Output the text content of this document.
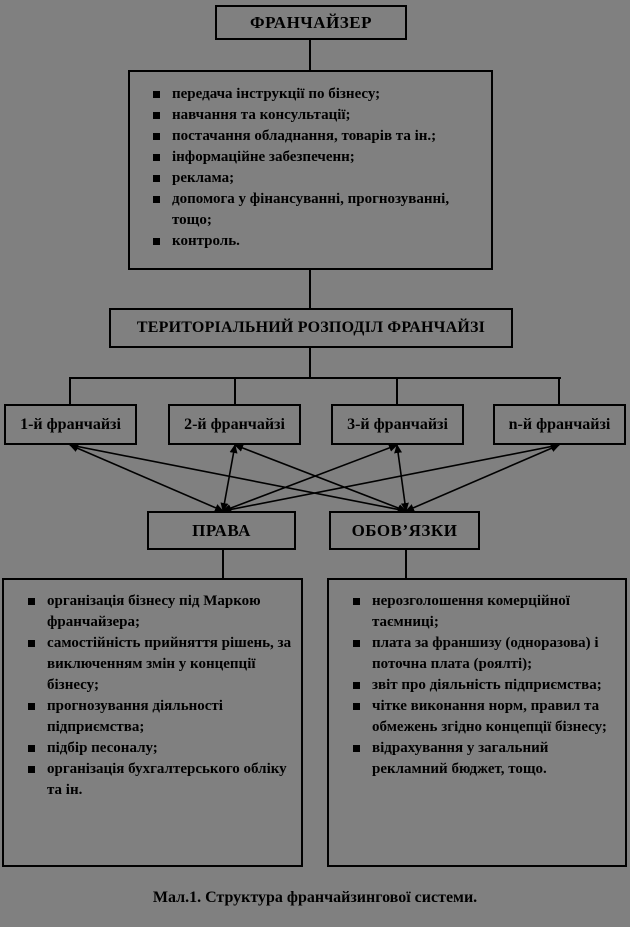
ФРАНЧАЙЗЕР
передача інструкції по бізнесу;
навчання та консультації;
постачання обладнання, товарів та ін.;
інформаційне забезпеченн;
реклама;
допомога у фінансуванні, прогнозуванні, тощо;
контроль.
ТЕРИТОРІАЛЬНИЙ РОЗПОДІЛ ФРАНЧАЙЗІ
1-й франчайзі	2-й франчайзі	3-й франчайзі	n-й франчайзі
ПРАВА	ОБОВ’ЯЗКИ
організація бізнесу під Маркою франчайзера;
самостійність прийняття рішень, за виключенням змін у концепції бізнесу;
прогнозування діяльності підприємства;
підбір песоналу;
організація бухгалтерського обліку та ін.
нерозголошення комерційної таємниці;
плата за франшизу (одноразова) і поточна плата (роялті);
звіт про діяльність підприємства;
чітке виконання норм, правил та обмежень згідно концепції бізнесу;
відрахування у загальний рекламний бюджет, тощо.
Мал.1. Структура франчайзингової системи.
